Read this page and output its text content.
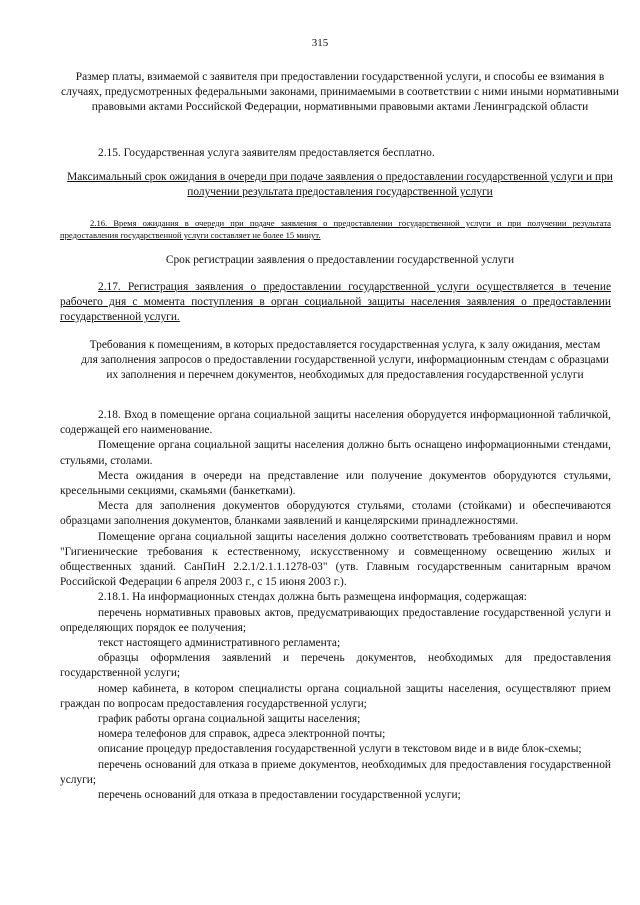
315
Размер платы, взимаемой с заявителя при предоставлении государственной услуги, и способы ее взимания в случаях, предусмотренных федеральными законами, принимаемыми в соответствии с ними иными нормативными правовыми актами Российской Федерации, нормативными правовыми актами Ленинградской области
2.15. Государственная услуга заявителям предоставляется бесплатно.
Максимальный срок ожидания в очереди при подаче заявления о предоставлении государственной услуги и при получении результата предоставления государственной услуги
2.16. Время ожидания в очереди при подаче заявления о предоставлении государственной услуги и при получении результата предоставления государственной услуги составляет не более 15 минут.
Срок регистрации заявления о предоставлении государственной услуги
2.17. Регистрация заявления о предоставлении государственной услуги осуществляется в течение рабочего дня с момента поступления в орган социальной защиты населения заявления о предоставлении государственной услуги.
Требования к помещениям, в которых предоставляется государственная услуга, к залу ожидания, местам для заполнения запросов о предоставлении государственной услуги, информационным стендам с образцами их заполнения и перечнем документов, необходимых для предоставления государственной услуги

2.18. Вход в помещение органа социальной защиты населения оборудуется информационной табличкой, содержащей его наименование.

Помещение органа социальной защиты населения должно быть оснащено информационными стендами, стульями, столами.

Места ожидания в очереди на представление или получение документов оборудуются стульями, кресельными секциями, скамьями (банкетками).

Места для заполнения документов оборудуются стульями, столами (стойками) и обеспечиваются образцами заполнения документов, бланками заявлений и канцелярскими принадлежностями.

Помещение органа социальной защиты населения должно соответствовать требованиям правил и норм "Гигиенические требования к естественному, искусственному и совмещенному освещению жилых и общественных зданий. СанПиН 2.2.1/2.1.1.1278-03" (утв. Главным государственным санитарным врачом Российской Федерации 6 апреля 2003 г., с 15 июня 2003 г.).

2.18.1. На информационных стендах должна быть размещена информация, содержащая:

перечень нормативных правовых актов, предусматривающих предоставление государственной услуги и определяющих порядок ее получения;

текст настоящего административного регламента;

образцы оформления заявлений и перечень документов, необходимых для предоставления государственной услуги;

номер кабинета, в котором специалисты органа социальной защиты населения, осуществляют прием граждан по вопросам предоставления государственной услуги;

график работы органа социальной защиты населения;

номера телефонов для справок, адреса электронной почты;

описание процедур предоставления государственной услуги в текстовом виде и в виде блок-схемы;

перечень оснований для отказа в приеме документов, необходимых для предоставления государственной услуги;

перечень оснований для отказа в предоставлении государственной услуги;
